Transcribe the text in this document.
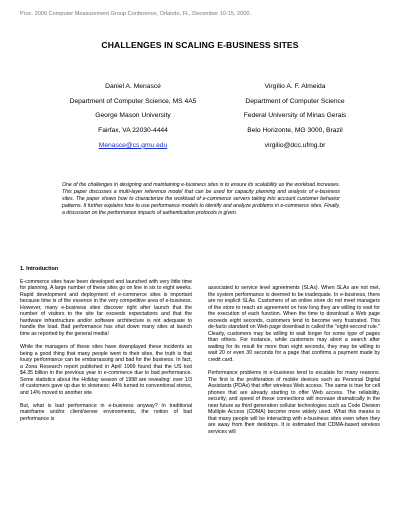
Proc. 2000 Computer Measurement Group Conference, Orlando, FL, December 10-15, 2000.
CHALLENGES IN SCALING E-BUSINESS SITES
Daniel A. Menascé
Department of Computer Science, MS 4A5
George Mason University
Fairfax, VA 22030-4444
Menasce@cs.gmu.edu
Virgílio A. F. Almeida
Department of Computer Science
Federal University of Minas Gerais
Belo Horizonte, MG 3000, Brazil
virgilio@dcc.ufmg.br
One of the challenges in designing and maintaining e-business sites is to ensure its scalability as the workload increases. This paper discusses a multi-layer reference model that can be used for capacity planning and analysis of e-business sites. The paper shows how to characterize the workload of e-commerce servers taking into account customer behavior patterns. It further explains how to use performance models to identify and analyze problems in e-commerce sites. Finally, a discussion on the performance impacts of authentication protocols is given.
1. Introduction

E-commerce sites have been developed and launched with very little time for planning. A large number of these sites go on line in six to eight weeks. Rapid development and deployment of e-commerce sites is important because time is of the essence in the very competitive area of e-business. However, many e-business sites discover right after launch that the number of visitors to the site far exceeds expectations and that the hardware infrastructure and/or software architecture is not adequate to handle the load. Bad performance has shut down many sites at launch time as reported by the general media!

While the managers of these sites have downplayed these incidents as being a good thing that many people went to their sites, the truth is that lousy performance can be embarrassing and bad for the business. In fact, a Zona Research report published in April 1999 found that the US lost $4.35 billion in the previous year in e-commerce due to bad performance. Some statistics about the Holiday season of 1998 are revealing: over 1/3 of customers gave up due to slowness; 44% turned to conventional stores, and 14% moved to another site.

But, what is bad performance in e-business anyway? In traditional mainframe and/or client/server environments, the notion of bad performance is

associated to service level agreements (SLAs). When SLAs are not met, the system performance is deemed to be inadequate. In e-business, there are no explicit SLAs. Customers of an online store do not meet managers of the store to reach an agreement on how long they are willing to wait for the execution of each function. When the time to download a Web page exceeds eight seconds, customers tend to become very frustrated. This de-facto standard on Web page download is called the "eight-second rule." Clearly, customers may be willing to wait longer for some type of pages than others. For instance, while customers may abort a search after waiting for its result for more than eight seconds, they may be willing to wait 20 or even 30 seconds for a page that confirms a payment made by credit card.

Performance problems in e-business tend to escalate for many reasons. The first is the proliferation of mobile devices such as Personal Digital Assistants (PDAs) that offer wireless Web access. The same is true for cell phones that are already starting to offer Web access. The reliability, security, and speed of these connections will increase dramatically in the near future as third generation cellular technologies such as Code Division Multiple Access (CDMA) become more widely used. What this means is that many people will be interacting with e-business sites even when they are away from their desktops. It is estimated that CDMA-based wireless services will
